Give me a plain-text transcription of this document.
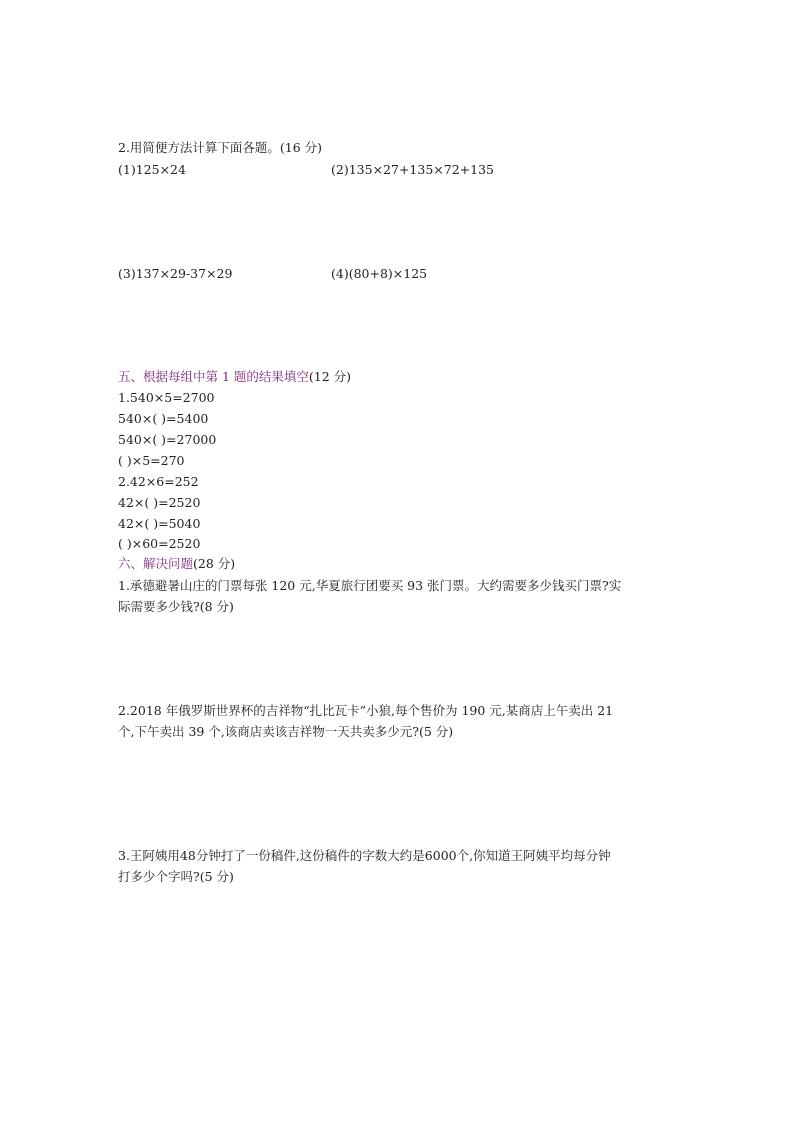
2.用简便方法计算下面各题。(16 分)
(1)125×24	(2)135×27+135×72+135
(3)137×29-37×29	(4)(80+8)×125
五、根据每组中第 1 题的结果填空(12 分)
1.540×5=2700
540×( )=5400
540×( )=27000
( )×5=270
2.42×6=252
42×( )=2520
42×( )=5040
( )×60=2520
六、解决问题(28 分)
1.承德避暑山庄的门票每张 120 元,华夏旅行团要买 93 张门票。大约需要多少钱买门票?实
际需要多少钱?(8 分)
2.2018 年俄罗斯世界杯的吉祥物“扎比瓦卡”小狼,每个售价为 190 元,某商店上午卖出 21
个,下午卖出 39 个,该商店卖该吉祥物一天共卖多少元?(5 分)
3.王阿姨用48分钟打了一份稿件,这份稿件的字数大约是6000个,你知道王阿姨平均每分钟
打多少个字吗?(5 分)
